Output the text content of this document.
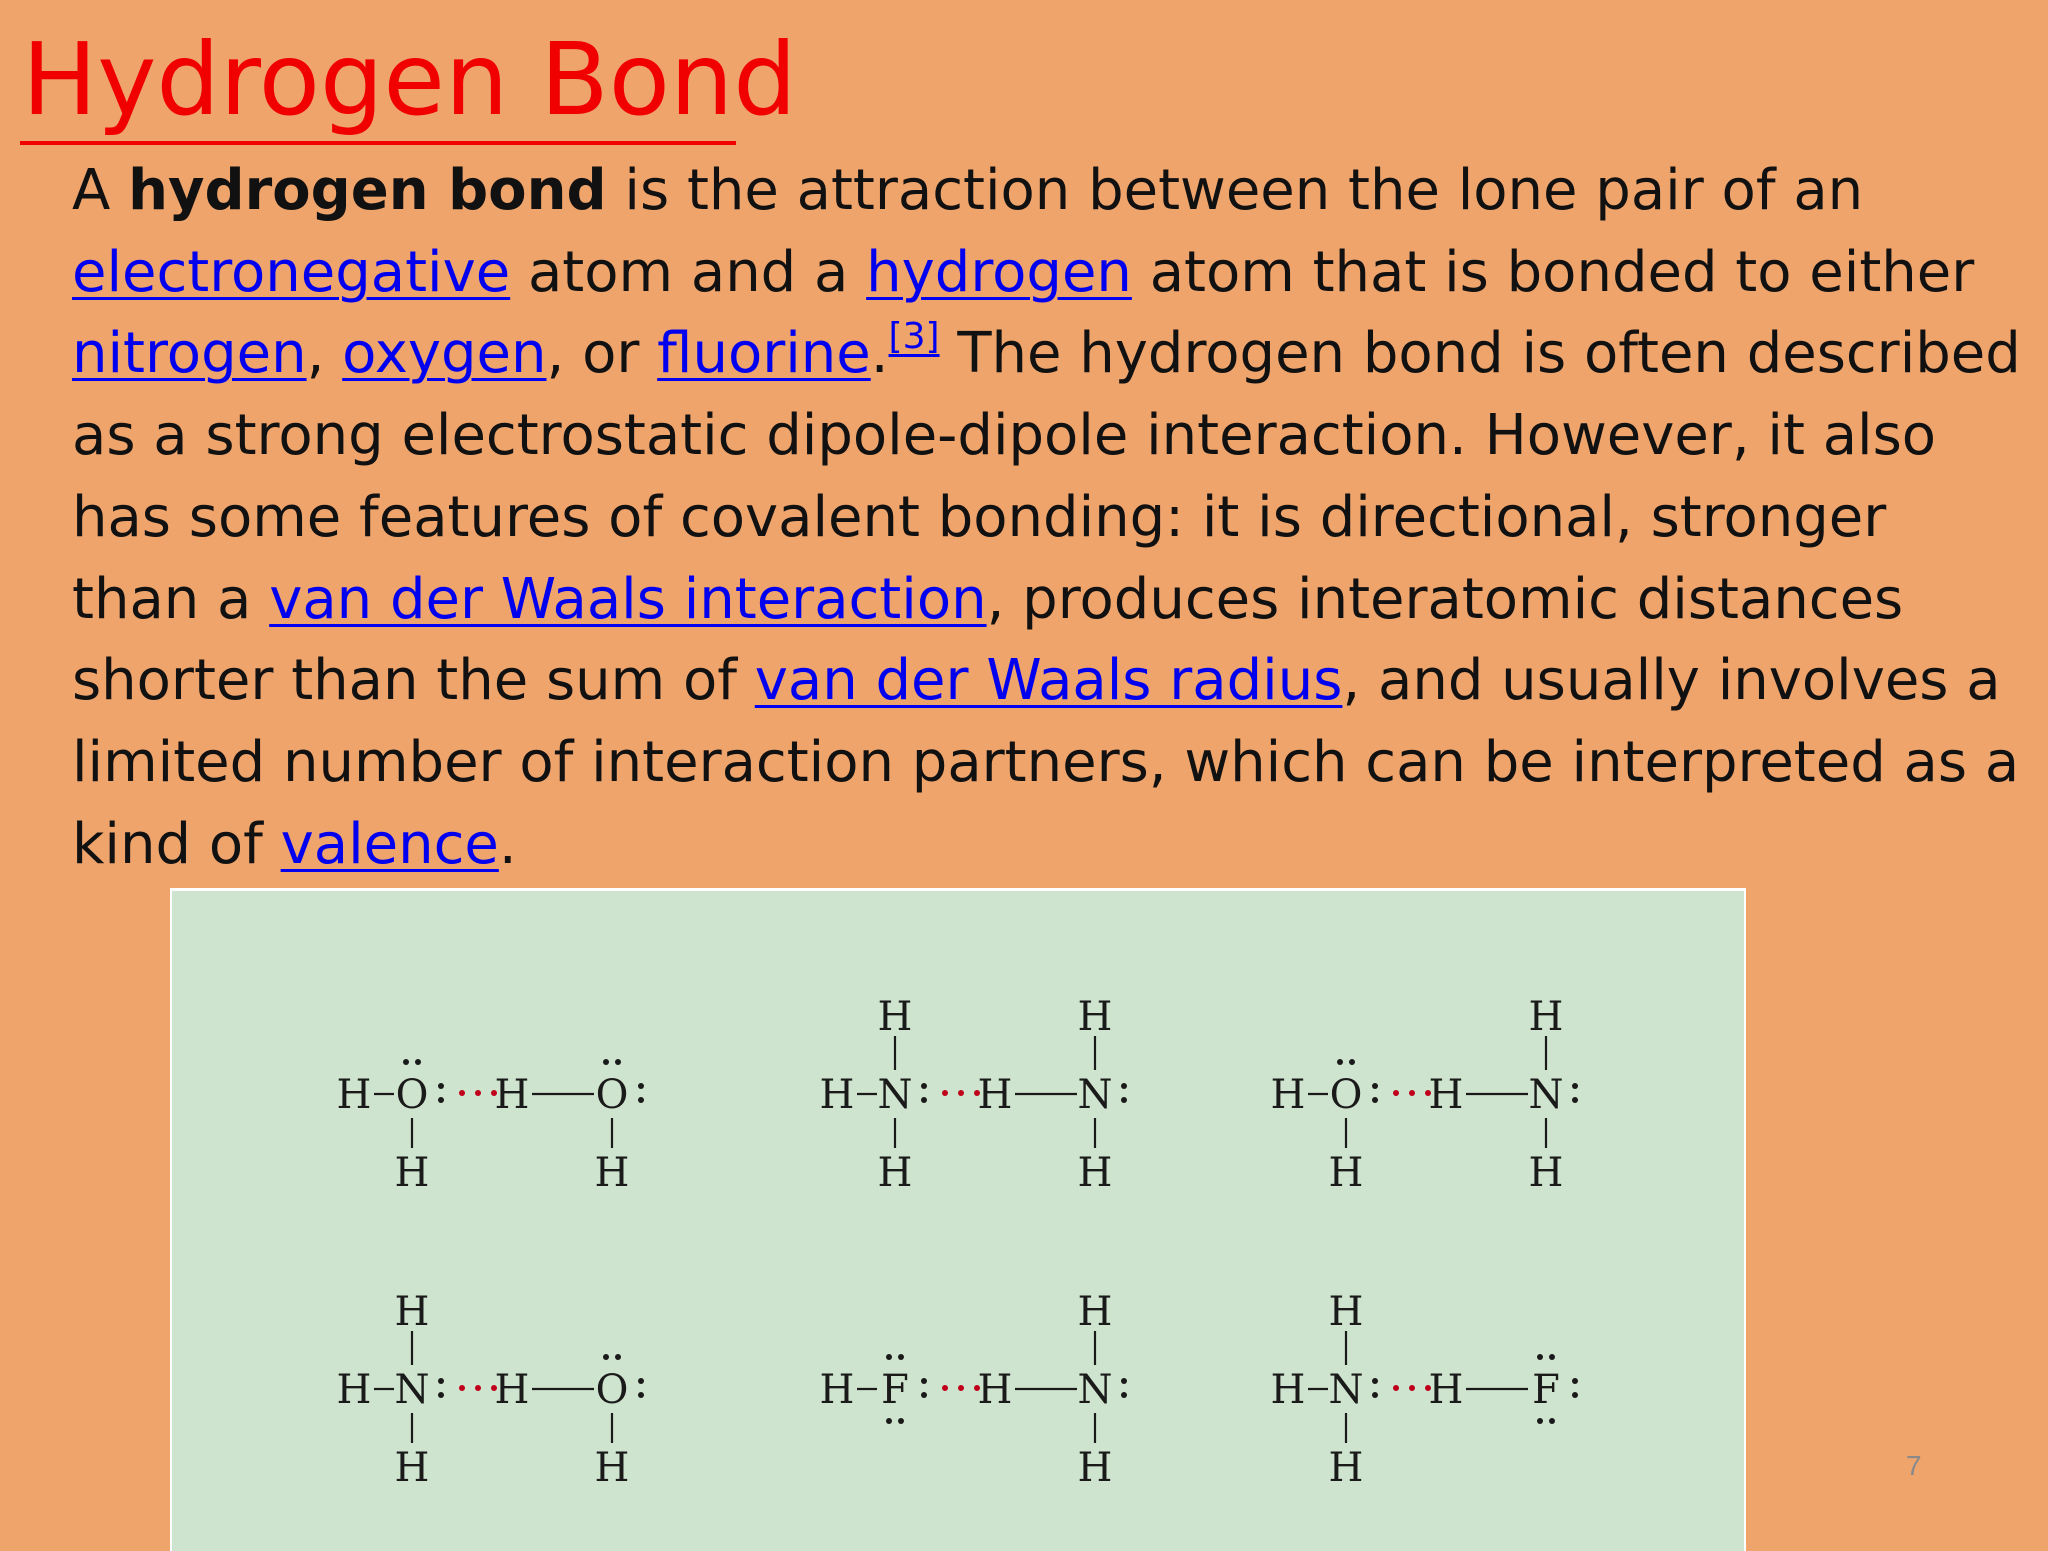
Hydrogen Bond

A hydrogen bond is the attraction between the lone pair of an electronegative atom and a hydrogen atom that is bonded to either nitrogen, oxygen, or fluorine.[3] The hydrogen bond is often described as a strong electrostatic dipole-dipole interaction. However, it also has some features of covalent bonding: it is directional, stronger than a van der Waals interaction, produces interatomic distances shorter than the sum of van der Waals radius, and usually involves a limited number of interaction partners, which can be interpreted as a kind of valence.

H O
H
H O
H
H N
H
H
H N
H
H
H O
H
H N
H
H
H N
H
H
H O
H
H F H N
H
H
H N
H
H
H F
7
